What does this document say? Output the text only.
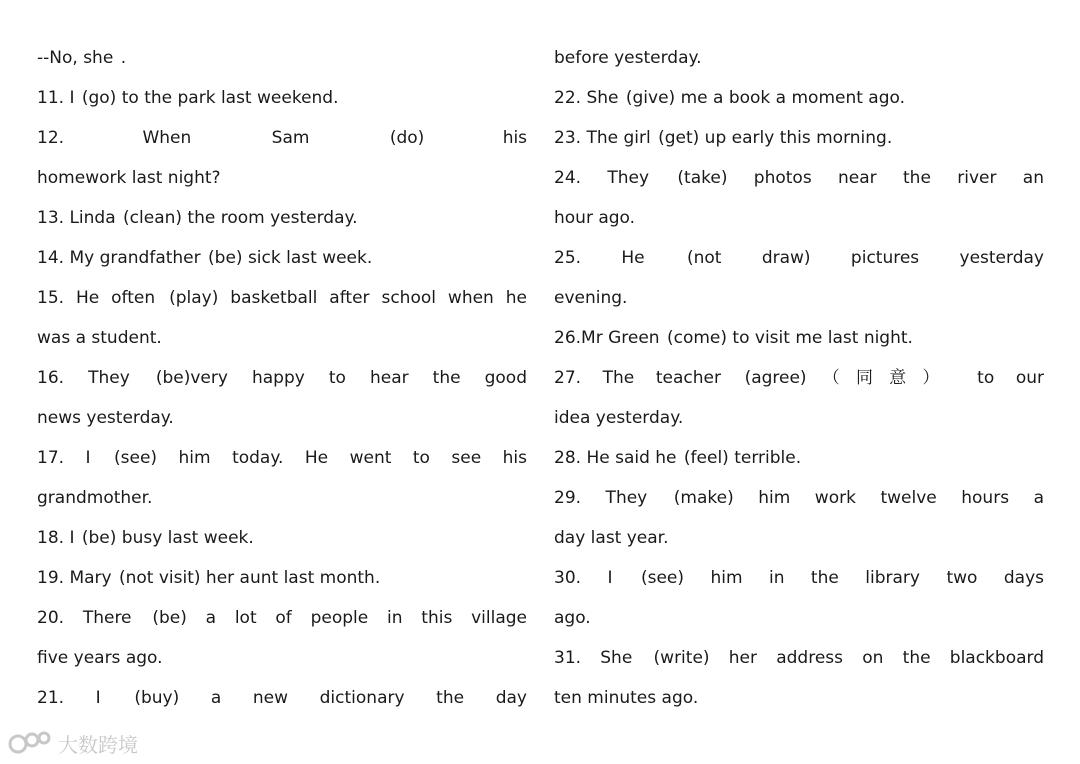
--No, she .
11. I (go) to the park last weekend.
12.	When	Sam	(do)	his
homework last night?
13. Linda (clean) the room yesterday.
14. My grandfather (be) sick last week.
15. He often (play) basketball after school when he
was a student.
16. They (be)very happy to hear the good
news yesterday.
17. I (see) him today. He went to see his
grandmother.
18. I (be) busy last week.
19. Mary (not visit) her aunt last month.
20. There (be) a lot of people in this village
five years ago.
21. I (buy) a new dictionary the day
before yesterday.
22. She (give) me a book a moment ago.
23. The girl (get) up early this morning.
24. They (take) photos near the river an
hour ago.
25. He (not draw) pictures yesterday
evening.
26.Mr Green (come) to visit me last night.
27. The teacher (agree)（同意） to our
idea yesterday.
28. He said he (feel) terrible.
29. They (make) him work twelve hours a
day last year.
30. I (see) him in the library two days
ago.
31. She (write) her address on the blackboard
ten minutes ago.
大数跨境
